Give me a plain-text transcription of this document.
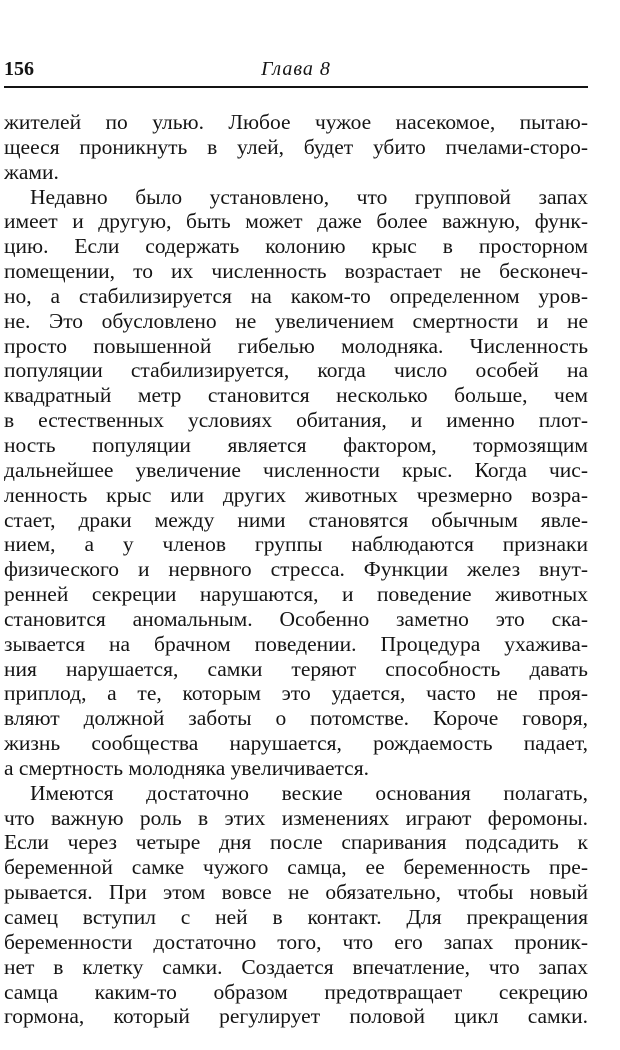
156	Глава 8
жителей по улью. Любое чужое насекомое, пытаю-
щееся проникнуть в улей, будет убито пчелами-сторо-
жами.
Недавно было установлено, что групповой запах
имеет и другую, быть может даже более важную, функ-
цию. Если содержать колонию крыс в просторном
помещении, то их численность возрастает не бесконеч-
но, а стабилизируется на каком-то определенном уров-
не. Это обусловлено не увеличением смертности и не
просто повышенной гибелью молодняка. Численность
популяции стабилизируется, когда число особей на
квадратный метр становится несколько больше, чем
в естественных условиях обитания, и именно плот-
ность популяции является фактором, тормозящим
дальнейшее увеличение численности крыс. Когда чис-
ленность крыс или других животных чрезмерно возра-
стает, драки между ними становятся обычным явле-
нием, а у членов группы наблюдаются признаки
физического и нервного стресса. Функции желез внут-
ренней секреции нарушаются, и поведение животных
становится аномальным. Особенно заметно это ска-
зывается на брачном поведении. Процедура ухажива-
ния нарушается, самки теряют способность давать
приплод, а те, которым это удается, часто не проя-
вляют должной заботы о потомстве. Короче говоря,
жизнь сообщества нарушается, рождаемость падает,
а смертность молодняка увеличивается.
Имеются достаточно веские основания полагать,
что важную роль в этих изменениях играют феромоны.
Если через четыре дня после спаривания подсадить к
беременной самке чужого самца, ее беременность пре-
рывается. При этом вовсе не обязательно, чтобы новый
самец вступил с ней в контакт. Для прекращения
беременности достаточно того, что его запах проник-
нет в клетку самки. Создается впечатление, что запах
самца каким-то образом предотвращает секрецию
гормона, который регулирует половой цикл самки.
